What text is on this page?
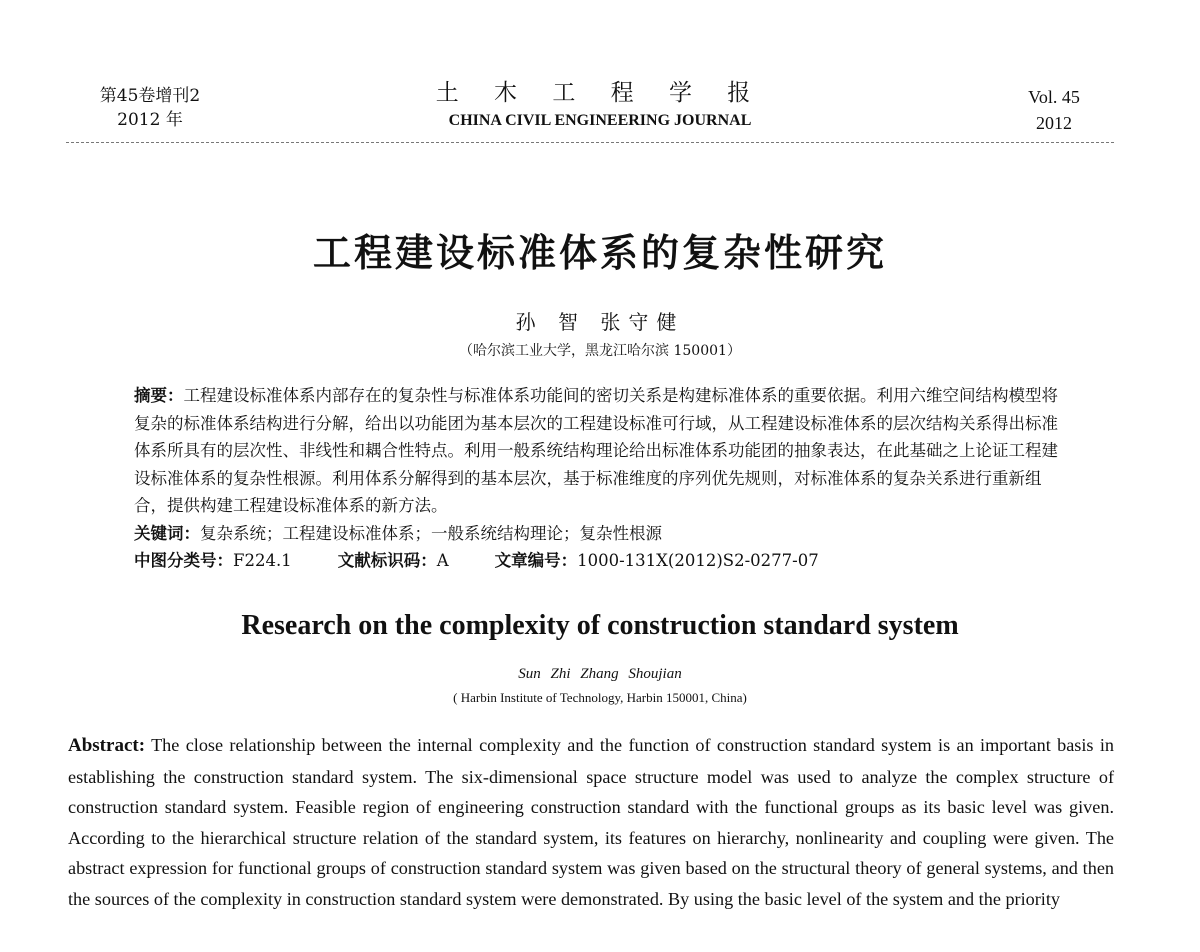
第45卷增刊2
2012 年
土 木 工 程 学 报
CHINA CIVIL ENGINEERING JOURNAL
Vol. 45
2012
工程建设标准体系的复杂性研究
孙 智 张守健
（哈尔滨工业大学，黑龙江哈尔滨 150001）
摘要：工程建设标准体系内部存在的复杂性与标准体系功能间的密切关系是构建标准体系的重要依据。利用六维空间结构模型将复杂的标准体系结构进行分解，给出以功能团为基本层次的工程建设标准可行域，从工程建设标准体系的层次结构关系得出标准体系所具有的层次性、非线性和耦合性特点。利用一般系统结构理论给出标准体系功能团的抽象表达，在此基础之上论证工程建设标准体系的复杂性根源。利用体系分解得到的基本层次，基于标准维度的序列优先规则，对标准体系的复杂关系进行重新组合，提供构建工程建设标准体系的新方法。
关键词：复杂系统；工程建设标准体系；一般系统结构理论；复杂性根源
中图分类号：F224.1	文献标识码：A	文章编号：1000-131X(2012)S2-0277-07
Research on the complexity of construction standard system
Sun Zhi Zhang Shoujian
( Harbin Institute of Technology, Harbin 150001, China)
Abstract: The close relationship between the internal complexity and the function of construction standard system is an important basis in establishing the construction standard system. The six-dimensional space structure model was used to analyze the complex structure of construction standard system. Feasible region of engineering construction standard with the functional groups as its basic level was given. According to the hierarchical structure relation of the standard system, its features on hierarchy, nonlinearity and coupling were given. The abstract expression for functional groups of construction standard system was given based on the structural theory of general systems, and then the sources of the complexity in construction standard system were demonstrated. By using the basic level of the system and the priority
